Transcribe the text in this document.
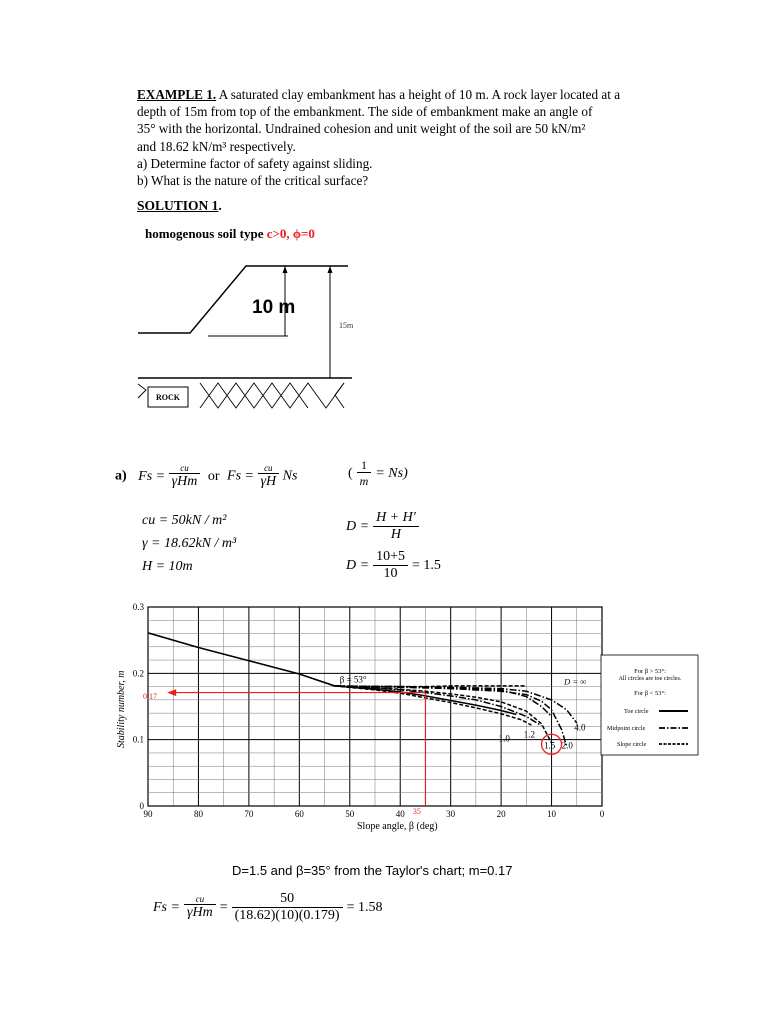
EXAMPLE 1. A saturated clay embankment has a height of 10 m. A rock layer located at a

depth of 15m from top of the embankment. The side of embankment make an angle of

35° with the horizontal. Undrained cohesion and unit weight of the soil are 50 kN/m²

and 18.62 kN/m³ respectively.

a) Determine factor of safety against sliding.

b) What is the nature of the critical surface?

SOLUTION 1.
homogenous soil type c>0, ϕ=0
ROCK
10 m
15m
a) $Fs = \frac{cu}{\text{γHm}}$ or $Fs = \frac{cu}{\gamma H}$ Ns	( $\frac{1}{m} = Ns$)
cu = 50kN / m²
γ = 18.62kN / m³
H = 10m
$D = \frac{H + H'}{H}$
$D = \frac{10+5}{10} = 1.5$
90	80	70	60	50	40	30	20	10	0
0
0.1
0.2
0.3
Slope angle, β (deg)
Stability number, m	β = 53°	D = ∞
4.0
1.0 1.2
1.5 2.0
0.17
35
For β > 53°:
All circles are toe circles.
For β < 53°:
Toe circle
Midpoint circle
Slope circle
D=1.5 and β=35° from the Taylor's chart; m=0.17
$Fs = \frac{cu}{\text{γHm}} = \frac{50}{(18.62)(10)(0.179)} = 1.58$
